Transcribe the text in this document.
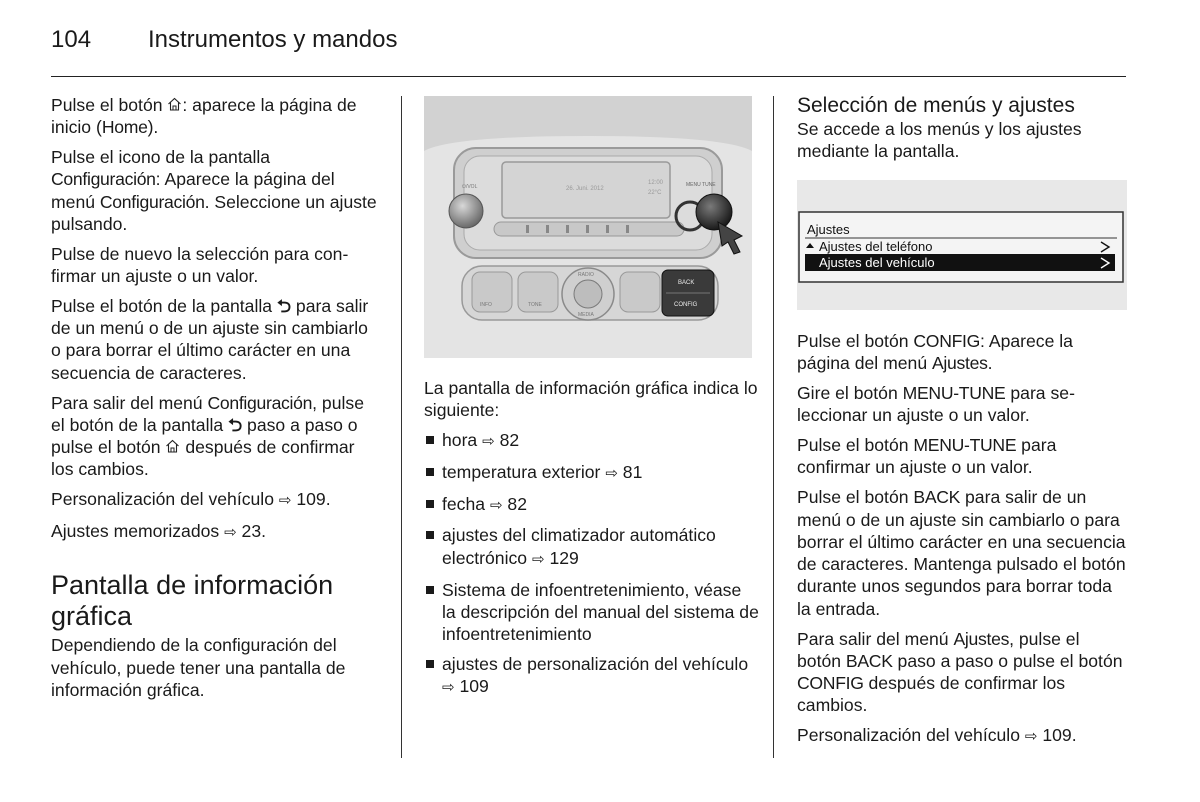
104 Instrumentos y mandos

Pulse el botón : aparece la página de inicio (Home).

Pulse el icono de la pantalla Configuración: Aparece la página del menú Configuración. Seleccione un ajuste pulsando.

Pulse de nuevo la selección para confirmar un ajuste o un valor.

Pulse el botón de la pantalla ⮌ para salir de un menú o de un ajuste sin cambiarlo o para borrar el último carácter en una secuencia de caracteres.

Para salir del menú Configuración, pulse el botón de la pantalla ⮌ paso a paso o pulse el botón  después de confirmar los cambios.

Personalización del vehículo ⇨ 109.

Ajustes memorizados ⇨ 23.

Pantalla de información gráfica

Dependiendo de la configuración del vehículo, puede tener una pantalla de información gráfica.

26. Juni. 2012
12:00
22°C
⏻/VOL	MENU TUNE
INFO	TONE
RADIO
MEDIA
BACK
CONFIG

La pantalla de información gráfica indica lo siguiente:

hora ⇨ 82
temperatura exterior ⇨ 81
fecha ⇨ 82
ajustes del climatizador automático electrónico ⇨ 129
Sistema de infoentretenimiento, véase la descripción del manual del sistema de infoentretenimiento
ajustes de personalización del vehículo ⇨ 109
Selección de menús y ajustes

Se accede a los menús y los ajustes mediante la pantalla.

Ajustes
Ajustes del teléfono
Ajustes del vehículo

Pulse el botón CONFIG: Aparece la página del menú Ajustes.

Gire el botón MENU-TUNE para seleccionar un ajuste o un valor.

Pulse el botón MENU-TUNE para confirmar un ajuste o un valor.

Pulse el botón BACK para salir de un menú o de un ajuste sin cambiarlo o para borrar el último carácter en una secuencia de caracteres. Mantenga pulsado el botón durante unos segundos para borrar toda la entrada.

Para salir del menú Ajustes, pulse el botón BACK paso a paso o pulse el botón CONFIG después de confirmar los cambios.

Personalización del vehículo ⇨ 109.
